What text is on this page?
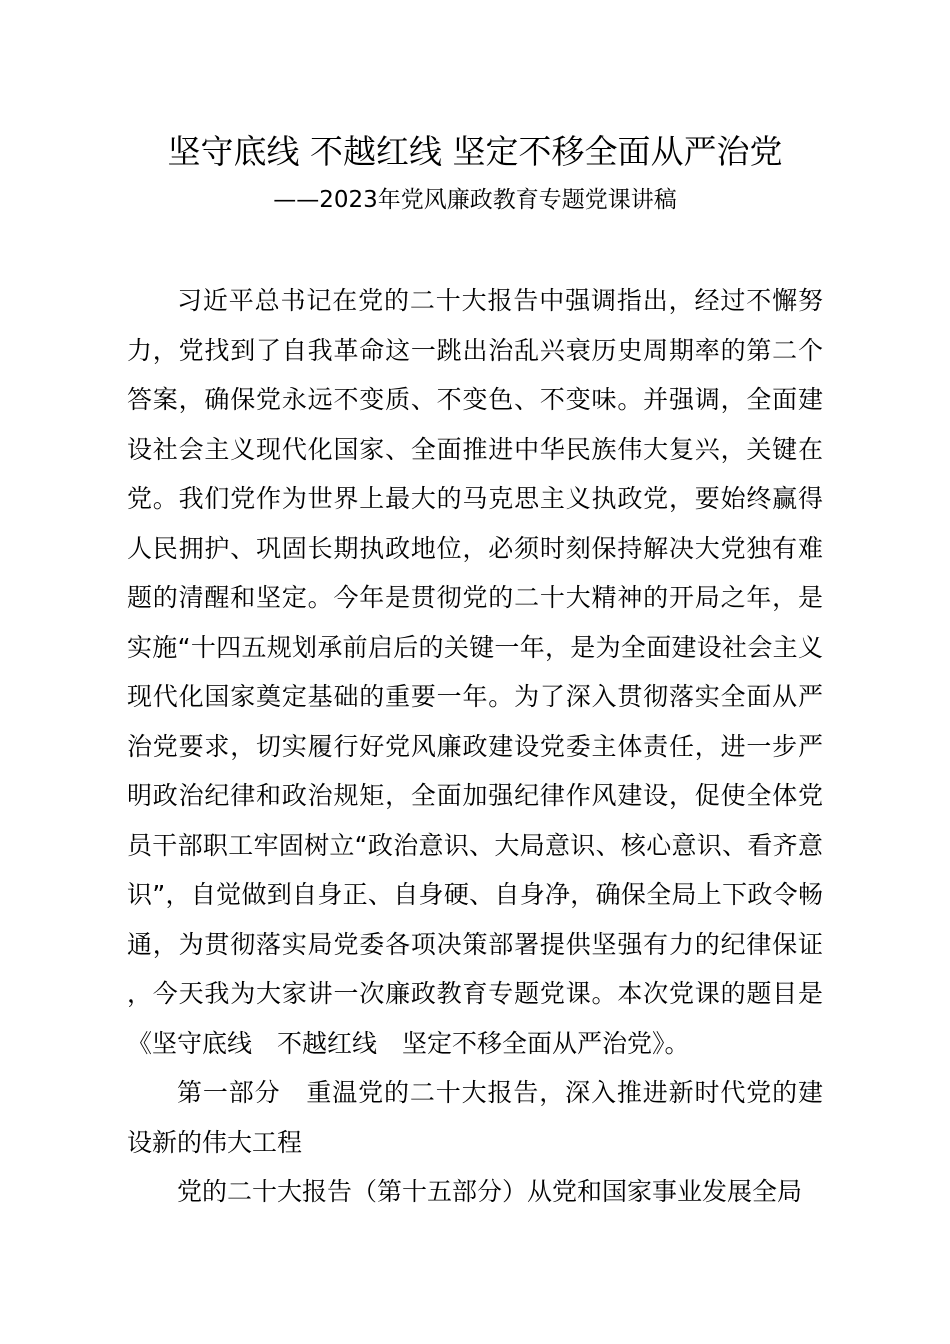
坚守底线 不越红线 坚定不移全面从严治党

——2023年党风廉政教育专题党课讲稿

习近平总书记在党的二十大报告中强调指出，经过不懈努力，党找到了自我革命这一跳出治乱兴衰历史周期率的第二个答案，确保党永远不变质、不变色、不变味。并强调，全面建设社会主义现代化国家、全面推进中华民族伟大复兴，关键在党。我们党作为世界上最大的马克思主义执政党，要始终赢得人民拥护、巩固长期执政地位，必须时刻保持解决大党独有难题的清醒和坚定。今年是贯彻党的二十大精神的开局之年，是实施“十四五规划承前启后的关键一年，是为全面建设社会主义现代化国家奠定基础的重要一年。为了深入贯彻落实全面从严治党要求，切实履行好党风廉政建设党委主体责任，进一步严明政治纪律和政治规矩，全面加强纪律作风建设，促使全体党员干部职工牢固树立“政治意识、大局意识、核心意识、看齐意识”，自觉做到自身正、自身硬、自身净，确保全局上下政令畅通，为贯彻落实局党委各项决策部署提供坚强有力的纪律保证，今天我为大家讲一次廉政教育专题党课。本次党课的题目是《坚守底线　不越红线　坚定不移全面从严治党》。

第一部分　重温党的二十大报告，深入推进新时代党的建设新的伟大工程

党的二十大报告（第十五部分）从党和国家事业发展全局
